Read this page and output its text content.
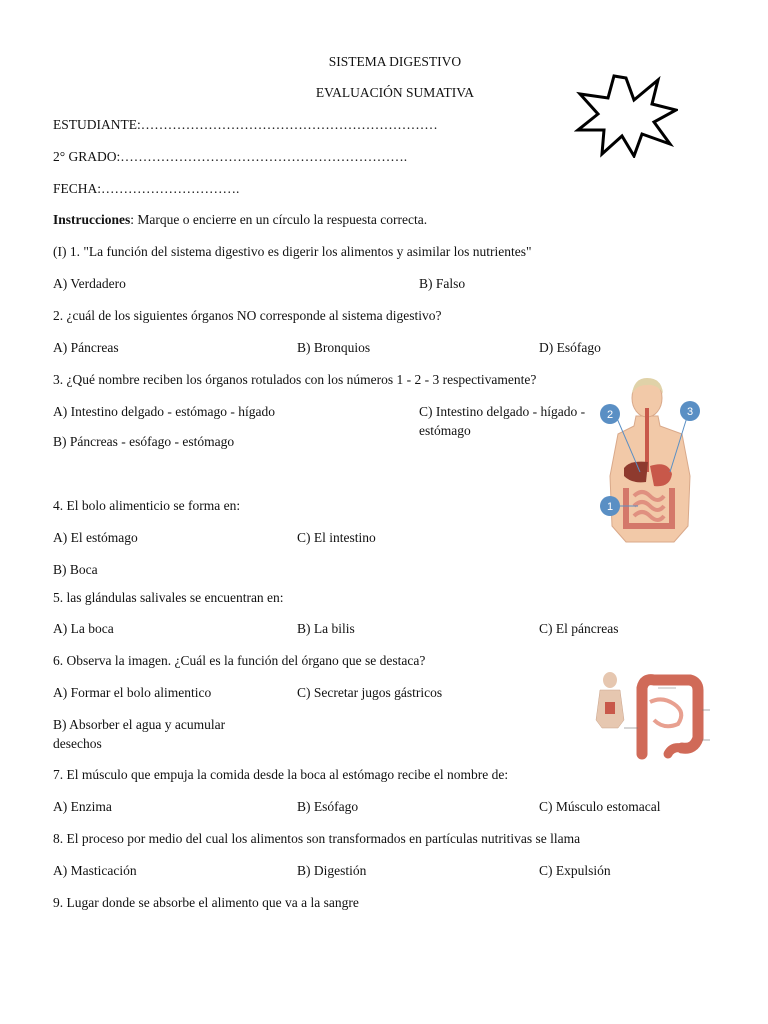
SISTEMA DIGESTIVO
EVALUACIÓN SUMATIVA
ESTUDIANTE:…………………………………………………………
2° GRADO:……………………………………………………….
FECHA:………………………….
Instrucciones: Marque o encierre en un círculo la respuesta correcta.
(I) 1. "La función del sistema digestivo es digerir los alimentos y asimilar los nutrientes"
A) Verdadero	B) Falso
2. ¿cuál de los siguientes órganos NO corresponde al sistema digestivo?
A) Páncreas	B) Bronquios	D) Esófago
3. ¿Qué nombre reciben los órganos rotulados con los números 1 - 2 - 3 respectivamente?
A) Intestino delgado - estómago - hígado	C) Intestino delgado - hígado -
estómago
B) Páncreas - esófago - estómago
2	3
1
4. El bolo alimenticio se forma en:
A) El estómago	C) El intestino
B) Boca
5. las glándulas salivales se encuentran en:
A) La boca	B) La bilis	C) El páncreas
6. Observa la imagen. ¿Cuál es la función del órgano que se destaca?
A) Formar el bolo alimentico	C) Secretar jugos gástricos
B) Absorber el agua y acumular
desechos
7. El músculo que empuja la comida desde la boca al estómago recibe el nombre de:
A) Enzima	B) Esófago	C) Músculo estomacal
8. El proceso por medio del cual los alimentos son transformados en partículas nutritivas se llama
A) Masticación	B) Digestión	C) Expulsión
9. Lugar donde se absorbe el alimento que va a la sangre
